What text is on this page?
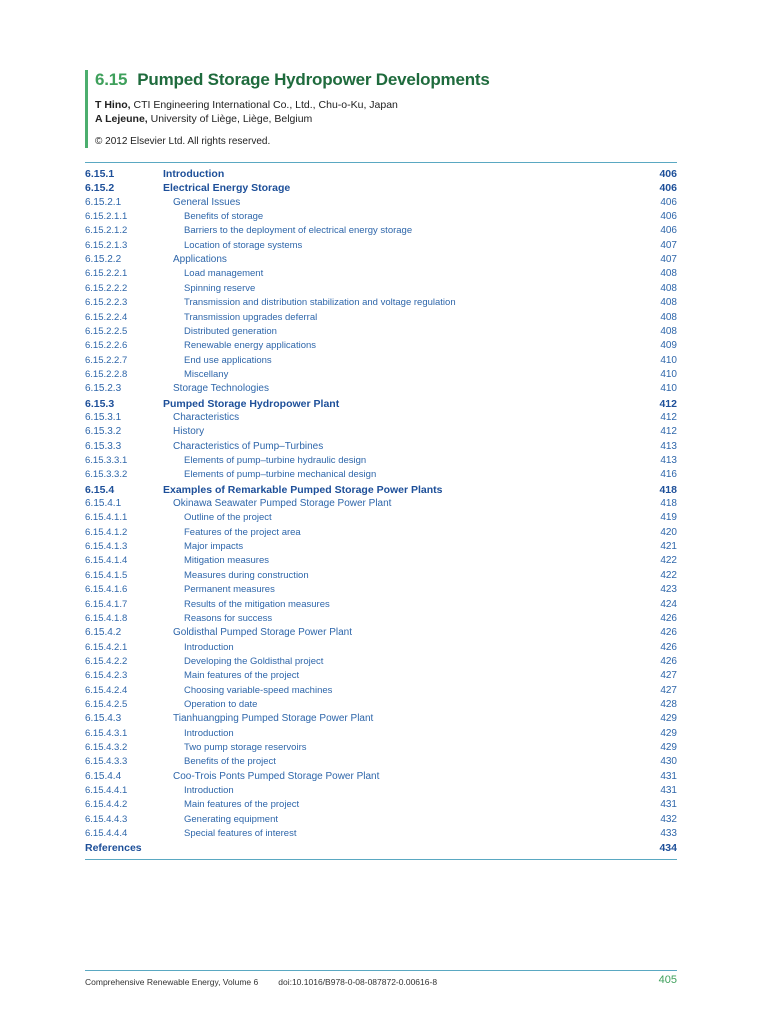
6.15 Pumped Storage Hydropower Developments
T Hino, CTI Engineering International Co., Ltd., Chu-o-Ku, Japan
A Lejeune, University of Liège, Liège, Belgium
© 2012 Elsevier Ltd. All rights reserved.
6.15.1	Introduction	406
6.15.2	Electrical Energy Storage	406
6.15.2.1	General Issues	406
6.15.2.1.1	Benefits of storage	406
6.15.2.1.2	Barriers to the deployment of electrical energy storage	406
6.15.2.1.3	Location of storage systems	407
6.15.2.2	Applications	407
6.15.2.2.1	Load management	408
6.15.2.2.2	Spinning reserve	408
6.15.2.2.3	Transmission and distribution stabilization and voltage regulation	408
6.15.2.2.4	Transmission upgrades deferral	408
6.15.2.2.5	Distributed generation	408
6.15.2.2.6	Renewable energy applications	409
6.15.2.2.7	End use applications	410
6.15.2.2.8	Miscellany	410
6.15.2.3	Storage Technologies	410
6.15.3	Pumped Storage Hydropower Plant	412
6.15.3.1	Characteristics	412
6.15.3.2	History	412
6.15.3.3	Characteristics of Pump–Turbines	413
6.15.3.3.1	Elements of pump–turbine hydraulic design	413
6.15.3.3.2	Elements of pump–turbine mechanical design	416
6.15.4	Examples of Remarkable Pumped Storage Power Plants	418
6.15.4.1	Okinawa Seawater Pumped Storage Power Plant	418
6.15.4.1.1	Outline of the project	419
6.15.4.1.2	Features of the project area	420
6.15.4.1.3	Major impacts	421
6.15.4.1.4	Mitigation measures	422
6.15.4.1.5	Measures during construction	422
6.15.4.1.6	Permanent measures	423
6.15.4.1.7	Results of the mitigation measures	424
6.15.4.1.8	Reasons for success	426
6.15.4.2	Goldisthal Pumped Storage Power Plant	426
6.15.4.2.1	Introduction	426
6.15.4.2.2	Developing the Goldisthal project	426
6.15.4.2.3	Main features of the project	427
6.15.4.2.4	Choosing variable-speed machines	427
6.15.4.2.5	Operation to date	428
6.15.4.3	Tianhuangping Pumped Storage Power Plant	429
6.15.4.3.1	Introduction	429
6.15.4.3.2	Two pump storage reservoirs	429
6.15.4.3.3	Benefits of the project	430
6.15.4.4	Coo-Trois Ponts Pumped Storage Power Plant	431
6.15.4.4.1	Introduction	431
6.15.4.4.2	Main features of the project	431
6.15.4.4.3	Generating equipment	432
6.15.4.4.4	Special features of interest	433
References	434
Comprehensive Renewable Energy, Volume 6 doi:10.1016/B978-0-08-087872-0.00616-8	405
